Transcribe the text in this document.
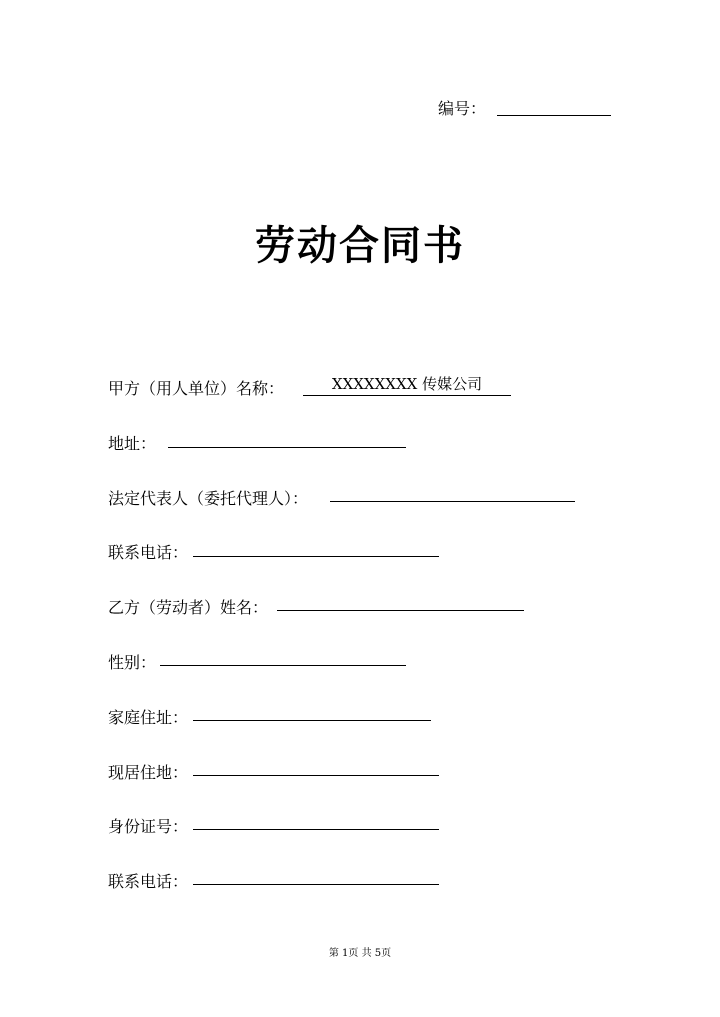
编号：
劳动合同书
甲方（用人单位）名称：	XXXXXXXX 传媒公司
地址：
法定代表人（委托代理人）：
联系电话：
乙方（劳动者）姓名：
性别：
家庭住址：
现居住地：
身份证号：
联系电话：
第 1页 共 5页
